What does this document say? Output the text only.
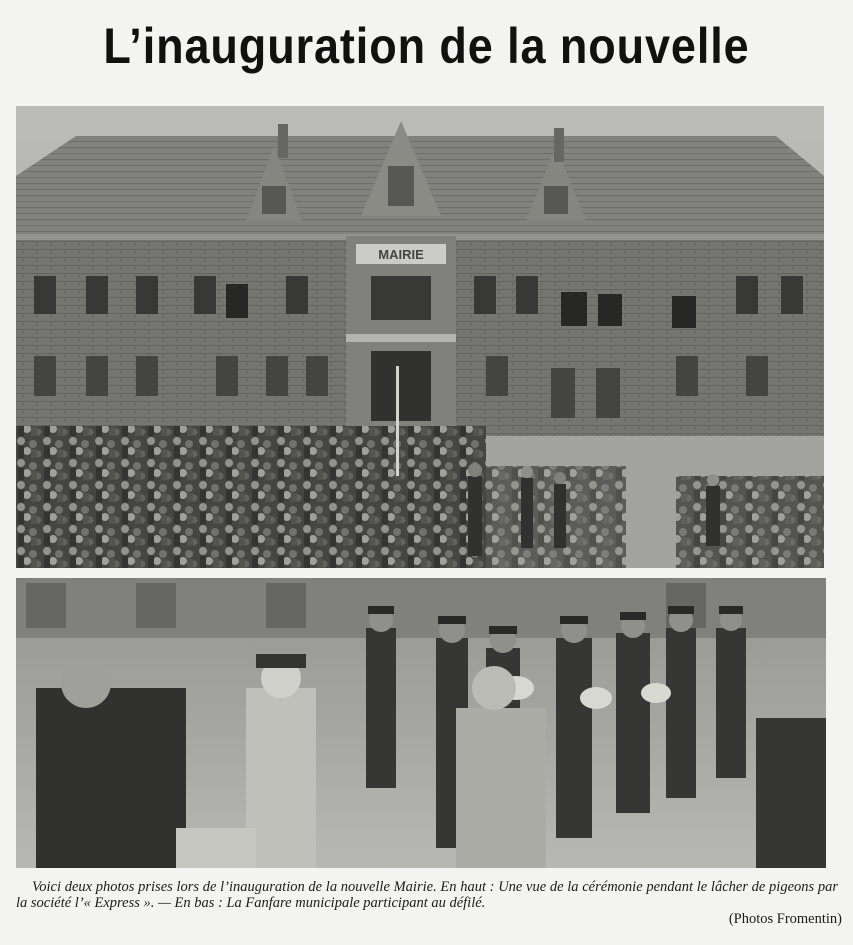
L’inauguration de la nouvelle
MAIRIE
Voici deux photos prises lors de l’inauguration de la nouvelle Mairie. En haut : Une vue de la cérémonie pendant le lâcher de pigeons par la société l’« Express ». — En bas : La Fanfare municipale participant au défilé.
(Photos Fromentin)
